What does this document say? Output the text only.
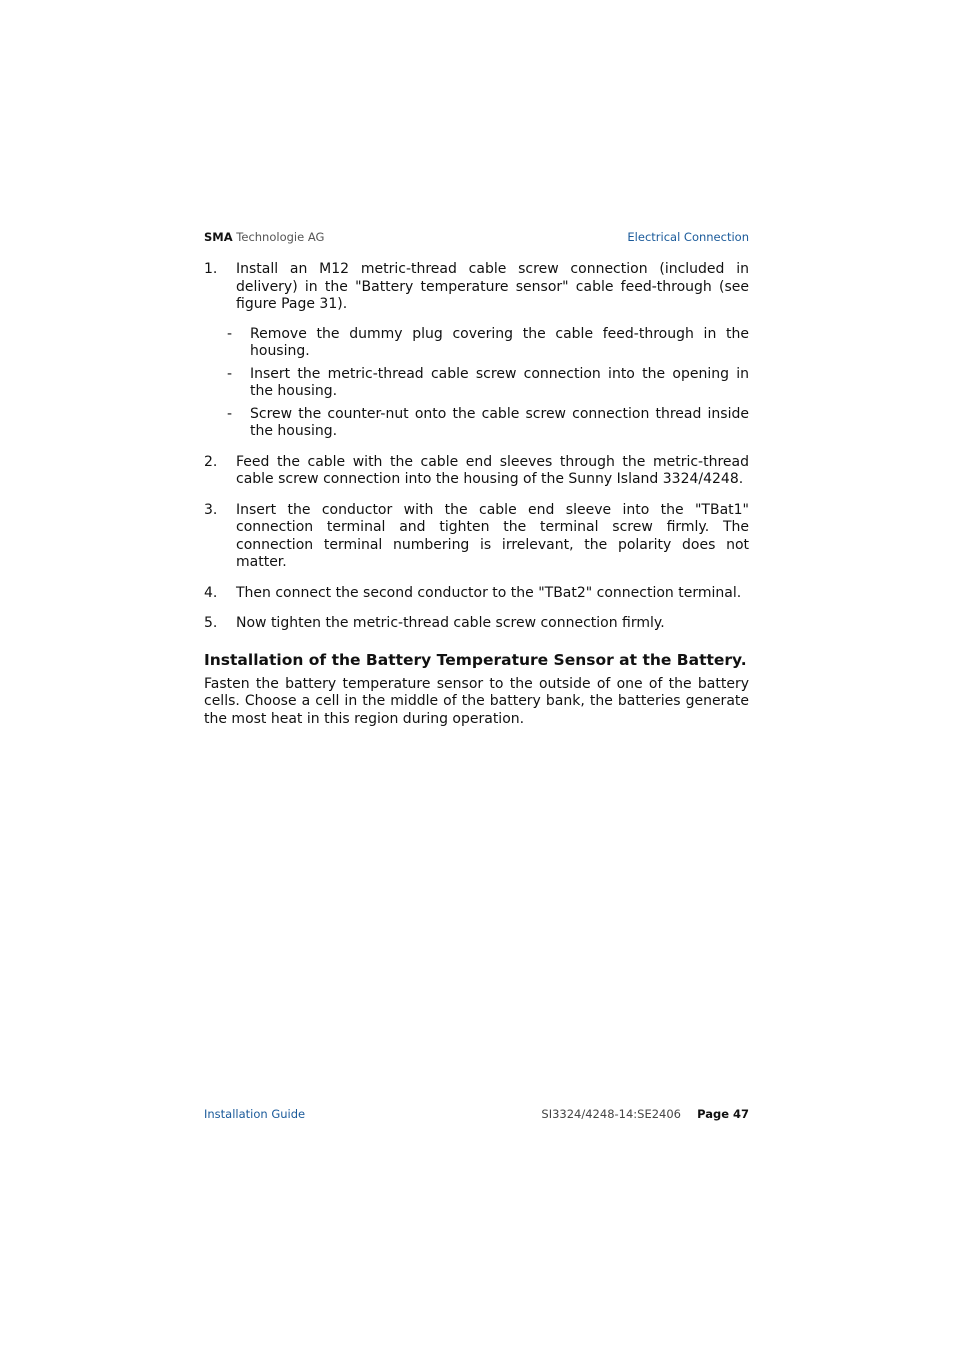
SMA Technologie AG	Electrical Connection
1. Install an M12 metric-thread cable screw connection (included in delivery) in the "Battery temperature sensor" cable feed-through (see figure Page 31).
- Remove the dummy plug covering the cable feed-through in the housing.
- Insert the metric-thread cable screw connection into the opening in the housing.
- Screw the counter-nut onto the cable screw connection thread inside the housing.
2. Feed the cable with the cable end sleeves through the metric-thread cable screw connection into the housing of the Sunny Island 3324/4248.
3. Insert the conductor with the cable end sleeve into the "TBat1" connection terminal and tighten the terminal screw firmly. The connection terminal numbering is irrelevant, the polarity does not matter.
4. Then connect the second conductor to the "TBat2" connection terminal.
5. Now tighten the metric-thread cable screw connection firmly.
Installation of the Battery Temperature Sensor at the Battery.

Fasten the battery temperature sensor to the outside of one of the battery cells. Choose a cell in the middle of the battery bank, the batteries generate the most heat in this region during operation.

Installation Guide	SI3324/4248-14:SE2406 Page 47
